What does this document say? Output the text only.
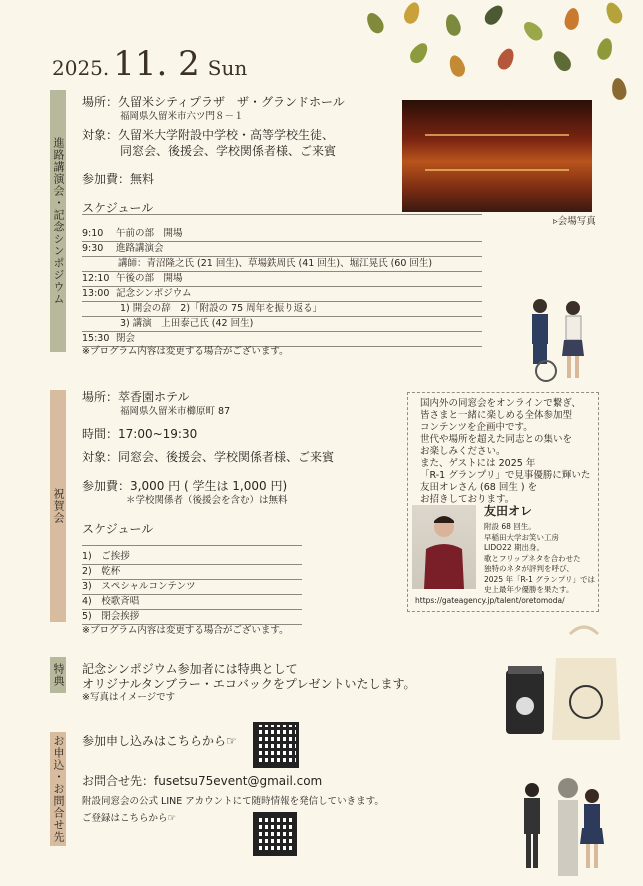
2025. 11. 2 Sun
進路講演会・記念シンポジウム
場所：久留米シティプラザ　ザ・グランドホール
福岡県久留米市六ツ門８－１
対象：久留米大学附設中学校・高等学校生徒、
同窓会、後援会、学校関係者様、ご来賓
参加費：無料
スケジュール
▹会場写真
9:10 午前の部　開場
9:30 進路講演会
講師：青沼隆之氏 (21 回生)、草場鉄周氏 (41 回生)、堀江晃氏 (60 回生)
12:10 午後の部　開場
13:00 記念シンポジウム
1) 開会の辞　2)「附設の 75 周年を振り返る」
3) 講演　上田泰己氏 (42 回生)
15:30 閉会
※プログラム内容は変更する場合がございます。
祝賀会
場所：萃香園ホテル
福岡県久留米市櫛原町 87
時間：17:00~19:30
対象：同窓会、後援会、学校関係者様、ご来賓
参加費：3,000 円 ( 学生は 1,000 円)
＊学校関係者（後援会を含む）は無料
スケジュール
1)　ご挨拶
2)　乾杯
3)　スペシャルコンテンツ
4)　校歌斉唱
5)　閉会挨拶
※プログラム内容は変更する場合がございます。
国内外の同窓会をオンラインで繋ぎ、
皆さまと一緒に楽しめる全体参加型
コンテンツを企画中です。
世代や場所を超えた同志との集いを
お楽しみください。
また、ゲストには 2025 年
「R-1 グランプリ」で見事優勝に輝いた
友田オレさん (68 回生 ) を
お招きしております。
友田オレ
附設 68 回生。
早稲田大学お笑い工房
LIDO22 期出身。
歌とフリップネタを合わせた
独特のネタが評判を呼び、
2025 年「R-1 グランプリ」では
史上最年少優勝を果たす。
https://gateagency.jp/talent/oretomoda/
特典 記念シンポジウム参加者には特典として
オリジナルタンブラー・エコバックをプレゼントいたします。
※写真はイメージです
お申込・お問合せ先 参加申し込みはこちらから☞
お問合せ先：fusetsu75event@gmail.com
附設同窓会の公式 LINE アカウントにて随時情報を発信していきます。
ご登録はこちらから☞
